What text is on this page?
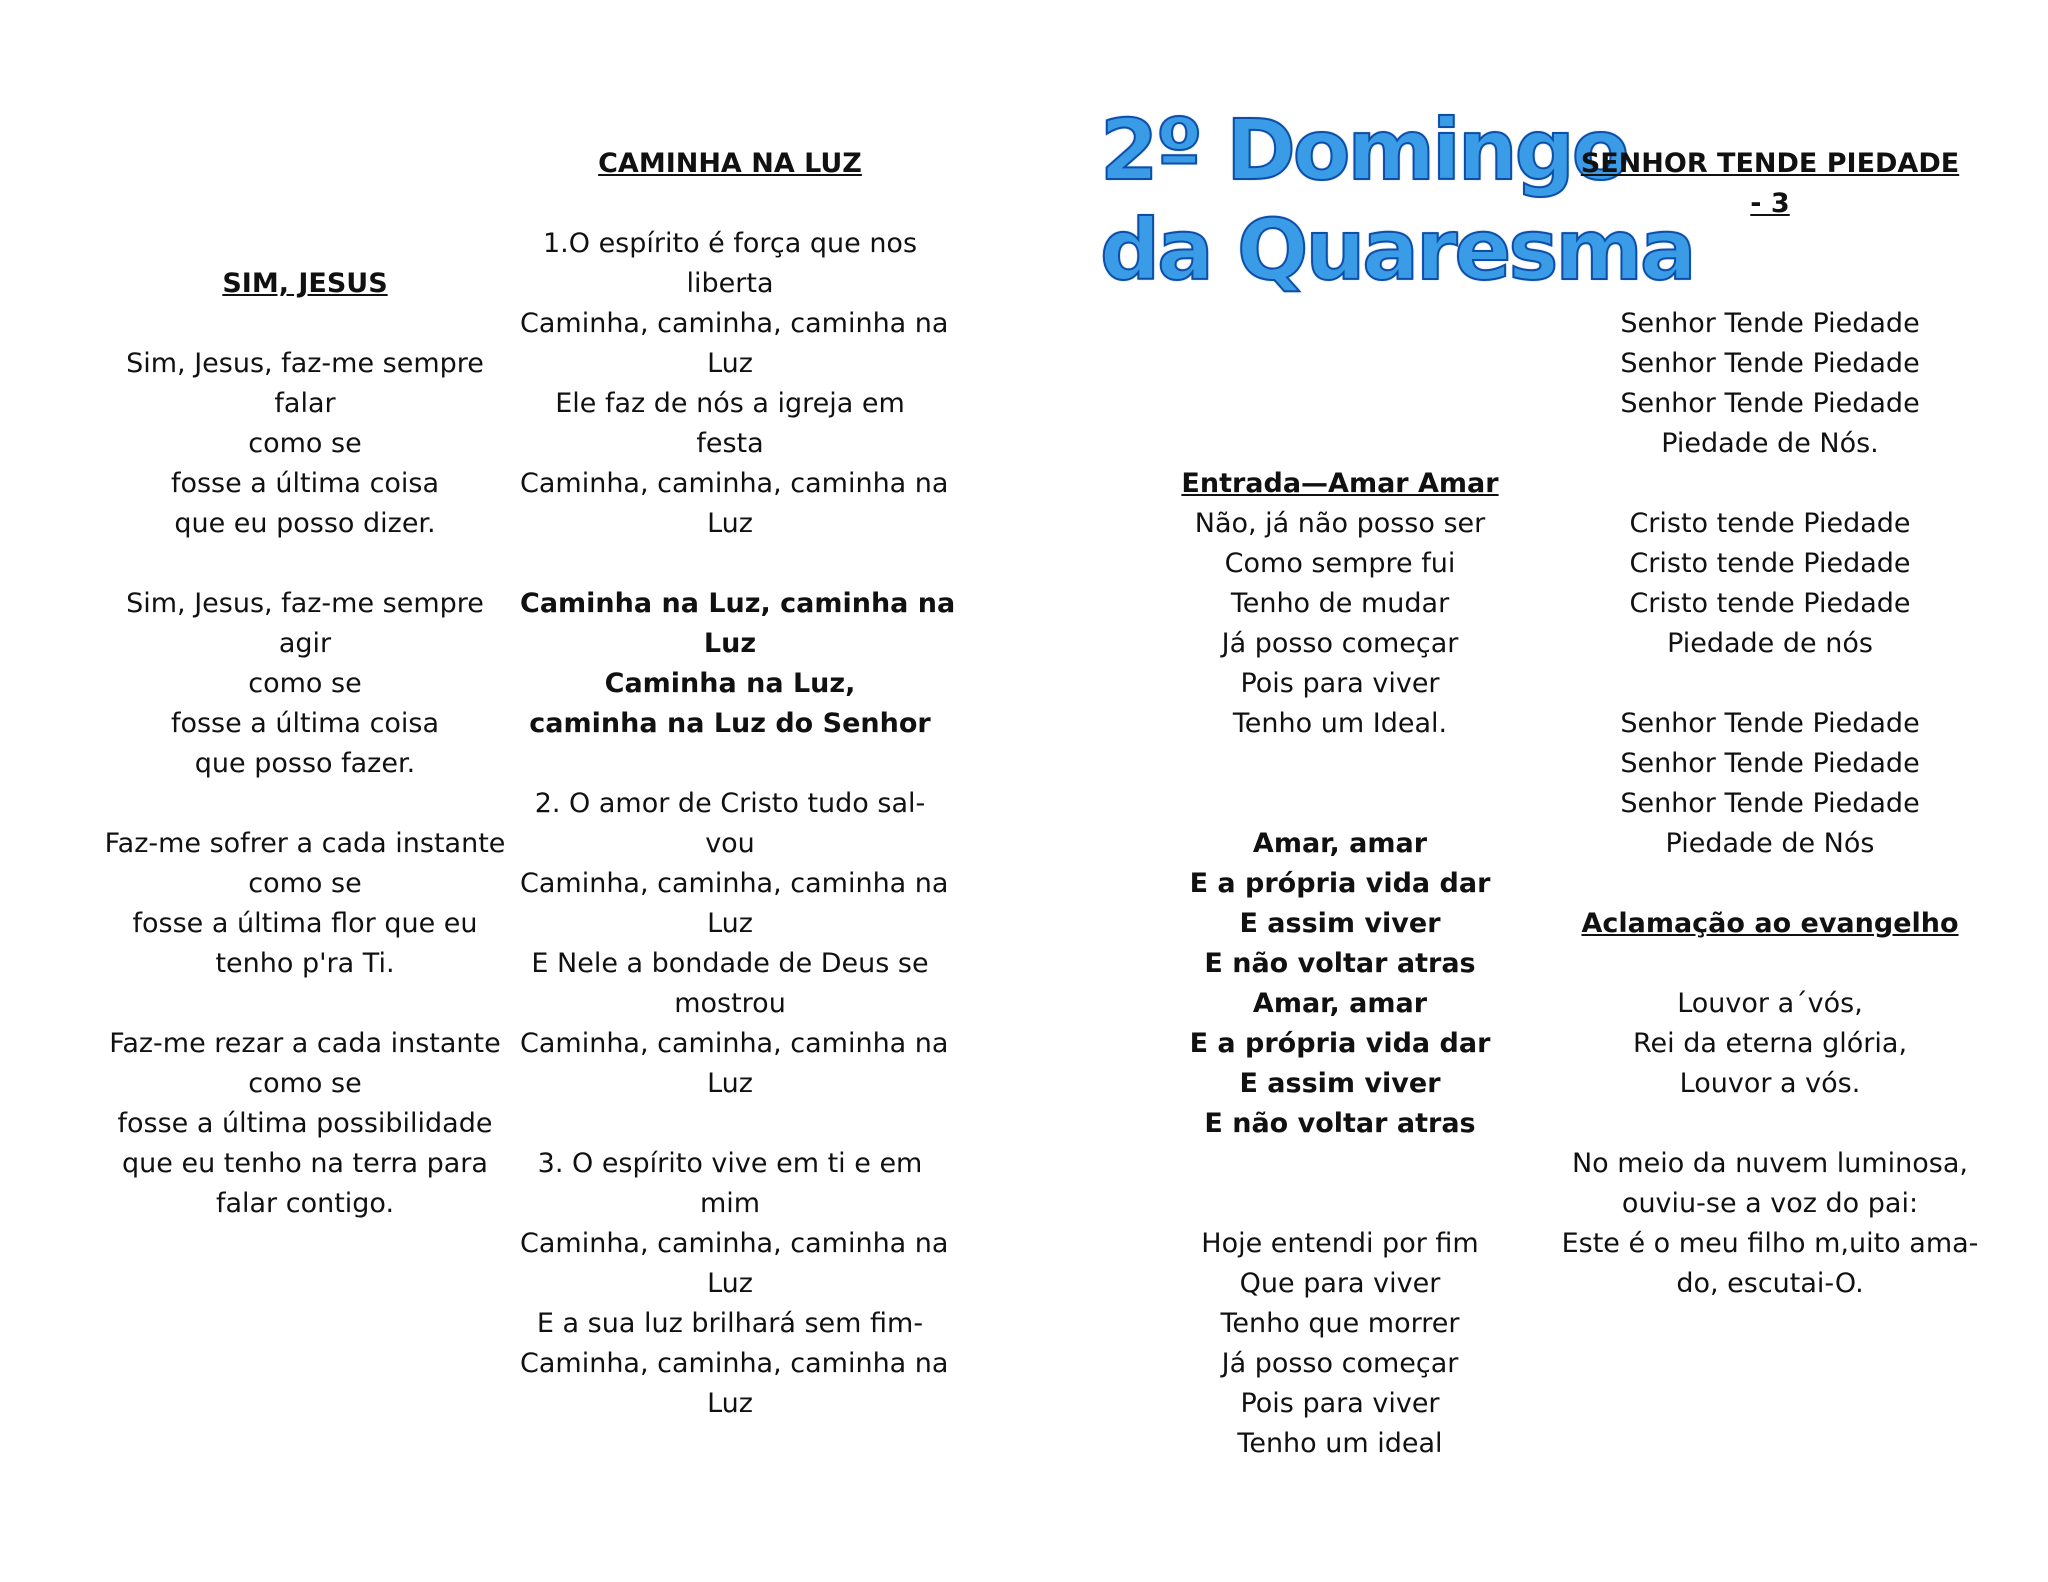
2º Domingo
da Quaresma
SIM, JESUS
Sim, Jesus, faz-me sempre
falar
como se
fosse a última coisa
que eu posso dizer.
Sim, Jesus, faz-me sempre
agir
como se
fosse a última coisa
que posso fazer.
Faz-me sofrer a cada instante
como se
fosse a última flor que eu
tenho p'ra Ti.
Faz-me rezar a cada instante
como se
fosse a última possibilidade
que eu tenho na terra para
falar contigo.
CAMINHA NA LUZ
1.O espírito é força que nos
liberta
Caminha, caminha, caminha na
Luz
Ele faz de nós a igreja em
festa
Caminha, caminha, caminha na
Luz
Caminha na Luz, caminha na
Luz
Caminha na Luz,
caminha na Luz do Senhor
2. O amor de Cristo tudo sal-
vou
Caminha, caminha, caminha na
Luz
E Nele a bondade de Deus se
mostrou
Caminha, caminha, caminha na
Luz
3. O espírito vive em ti e em
mim
Caminha, caminha, caminha na
Luz
E a sua luz brilhará sem fim-
Caminha, caminha, caminha na
Luz
Entrada—Amar Amar
Não, já não posso ser
Como sempre fui
Tenho de mudar
Já posso começar
Pois para viver
Tenho um Ideal.
Amar, amar
E a própria vida dar
E assim viver
E não voltar atras
Amar, amar
E a própria vida dar
E assim viver
E não voltar atras
Hoje entendi por fim
Que para viver
Tenho que morrer
Já posso começar
Pois para viver
Tenho um ideal
SENHOR TENDE PIEDADE
- 3
Senhor Tende Piedade
Senhor Tende Piedade
Senhor Tende Piedade
Piedade de Nós.
Cristo tende Piedade
Cristo tende Piedade
Cristo tende Piedade
Piedade de nós
Senhor Tende Piedade
Senhor Tende Piedade
Senhor Tende Piedade
Piedade de Nós
Aclamação ao evangelho
Louvor a´vós,
Rei da eterna glória,
Louvor a vós.
No meio da nuvem luminosa,
ouviu-se a voz do pai:
Este é o meu filho m,uito ama-
do, escutai-O.
